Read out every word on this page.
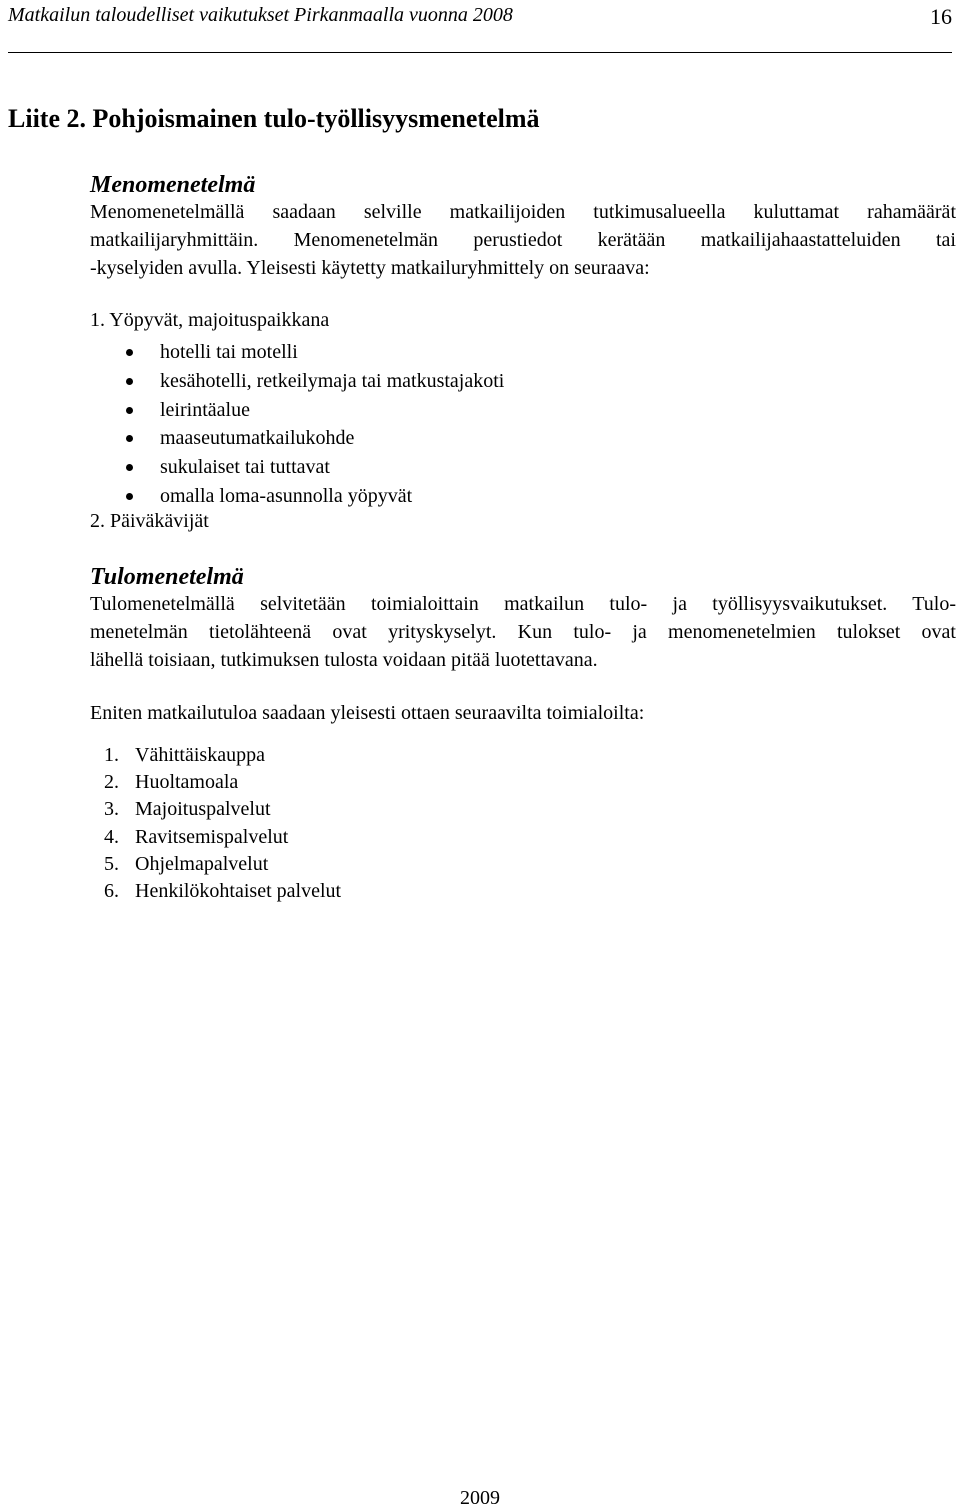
Matkailun taloudelliset vaikutukset Pirkanmaalla vuonna 2008	16
Liite 2. Pohjoismainen tulo-työllisyysmenetelmä
Menomenetelmä
Menomenetelmällä saadaan selville matkailijoiden tutkimusalueella kuluttamat rahamäärät
matkailijaryhmittäin. Menomenetelmän perustiedot kerätään matkailijahaastatteluiden tai
-kyselyiden avulla. Yleisesti käytetty matkailuryhmittely on seuraava:
1. Yöpyvät, majoituspaikkana
hotelli tai motelli
kesähotelli, retkeilymaja tai matkustajakoti
leirintäalue
maaseutumatkailukohde
sukulaiset tai tuttavat
omalla loma-asunnolla yöpyvät
2. Päiväkävijät
Tulomenetelmä
Tulomenetelmällä selvitetään toimialoittain matkailun tulo- ja työllisyysvaikutukset. Tulo-
menetelmän tietolähteenä ovat yrityskyselyt. Kun tulo- ja menomenetelmien tulokset ovat
lähellä toisiaan, tutkimuksen tulosta voidaan pitää luotettavana.
Eniten matkailutuloa saadaan yleisesti ottaen seuraavilta toimialoilta:
1. Vähittäiskauppa
2. Huoltamoala
3. Majoituspalvelut
4. Ravitsemispalvelut
5. Ohjelmapalvelut
6. Henkilökohtaiset palvelut
2009
